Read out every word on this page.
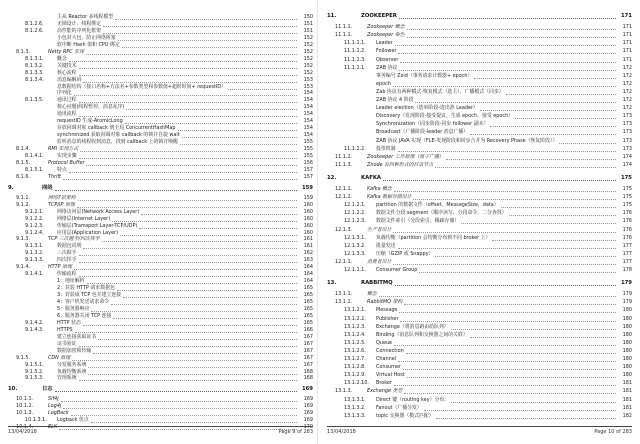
主从 Reactor 多线程模型	150
8.1.2.6.	无锁设计、线程绑定	151
8.1.2.6.	高性能的序列化框架	151
小包封大包，防止网络阻塞	152
软中断 Hash 值和 CPU 绑定	152
8.1.3.	Netty RPC 实现	152
8.1.3.1.	概念	152
8.1.3.2.	关键技术	152
8.1.3.3.	核心流程	152
8.1.3.4.	消息编解码	153
息数据结构（接口名称+方法名+参数类型和参数值+超时时间+ requestID）	153
序列化	154
8.1.3.5.	通讯过程	154
核心问题(线程暂停、消息乱序)	154
通讯流程	154
requestID 生成-AtomicLong	154
存放回调对象 callback 到全局 ConcurrentHashMap	154
synchronized 获取回调对象 callback 的锁并自旋 wait	154
监听消息的线程收到消息，找到 callback 上的锁并唤醒	155
8.1.4.	RMI 实现方式	155
8.1.4.1.	实现步骤	155
8.1.5.	Protocol Buffer	156
8.1.5.1.	特点	157
8.1.6.	Thrift	157
9.	网络	159
9.1.1.	网络7层架构	159
9.1.2.	TCP/IP 原理	160
9.1.2.1.	网络访问层(Network Access Layer)	160
9.1.2.2.	网络层(Internet Layer)	160
9.1.2.3.	传输层(Tramsport Layer-TCP/UDP)	160
9.1.2.4.	应用层(Application Layer)	160
9.1.3.	TCP 三次握手/四次挥手	161
9.1.3.1.	数据包说明	161
9.1.3.2.	三次握手	162
9.1.3.3.	四次挥手	163
9.1.4.	HTTP 原理	164
9.1.4.1.	传输流程	164
1：地址解析	164
2：封装 HTTP 请求数据包	165
3：封装成 TCP 包并建立连接	165
4：客户机发送请求命令	165
5：服务器响应	165
6：服务器关闭 TCP 连接	165
9.1.4.2.	HTTP 状态	165
9.1.4.3.	HTTPS	166
建立连接获取证书	167
证书验证	167
数据加密和传输	167
9.1.5.	CDN 原理	167
9.1.5.1.	分发服务系统	167
9.1.5.2.	负载均衡系统	168
9.1.5.3.	管理系统	168
10.	日志	169
10.1.1.	Slf4j	169
10.1.2.	Log4j	169
10.1.3.	LogBack	169
10.1.3.1.	Logback 优点	169
10.1.4.	ELK	170
13/04/2018	Page 9 of 283
11.	ZOOKEEPER	171
11.1.1.	Zookeeper 概念	171
11.1.1.	Zookeeper 角色	171
11.1.1.1.	Leader	171
11.1.1.2.	Follower	171
11.1.1.3.	Observer	171
11.1.1.1.	ZAB 协议	172
事务编号 Zxid（事务请求计数器+ epoch）	172
epoch	172
Zab 协议有两种模式-恢复模式（选主）、广播模式（同步）	172
ZAB 协议 4 阶段	172
Leader election（选举阶段-选出准 Leader）	172
Discovery（发现阶段-接受提议、生成 epoch、接受 epoch）	173
Synchronization（同步阶段-同步 follower 副本）	173
Broadcast（广播阶段-leader 消息广播）	173
ZAB 协议 JAVA 实现（FLE-发现阶段和同步合并为 Recovery Phase（恢复阶段））	173
11.1.1.2.	投票机制	173
11.1.2.	Zookeeper 工作原理（原子广播）	174
11.1.3.	Znode 有四种形式的目录节点	174
12.	KAFKA	175
12.1.1.	Kafka 概念	175
12.1.2.	Kafka 数据存储设计	175
12.1.2.1.	partition 的数据文件（offset，MessageSize，data）	175
12.1.2.2.	数据文件分段 segment（顺序读写、分段命令、二分查找）	176
12.1.2.3.	数据文件索引（分段索引、稀疏存储）	176
12.1.3.	生产者设计	176
12.1.3.1.	负载均衡（partition 会均衡分布到不同 broker 上）	176
12.1.3.2.	批量发送	177
12.1.3.3.	压缩（GZIP 或 Snappy）	177
12.1.1.	消费者设计	177
12.1.1.1.	Consumer Group	178
13.	RABBITMQ	179
13.1.1.	概念	179
13.1.2.	RabbitMQ 架构	179
13.1.2.1.	Message	180
13.1.2.2.	Publisher	180
13.1.2.3.	Exchange（将消息路由给队列）	180
13.1.2.4.	Binding（消息队列和交换器之间的关联）	180
13.1.2.5.	Queue	180
13.1.2.6.	Connection	180
13.1.2.7.	Channel	180
13.1.2.8.	Consumer	180
13.1.2.9.	Virtual Host	180
13.1.2.10.	Broker	181
13.1.3.	Exchange 类型	181
13.1.3.1.	Direct 键（routing key）分布：	181
13.1.3.2.	Fanout（广播分发）	181
13.1.3.3.	topic 交换器（模式匹配）	182
13/04/2018	Page 10 of 283
